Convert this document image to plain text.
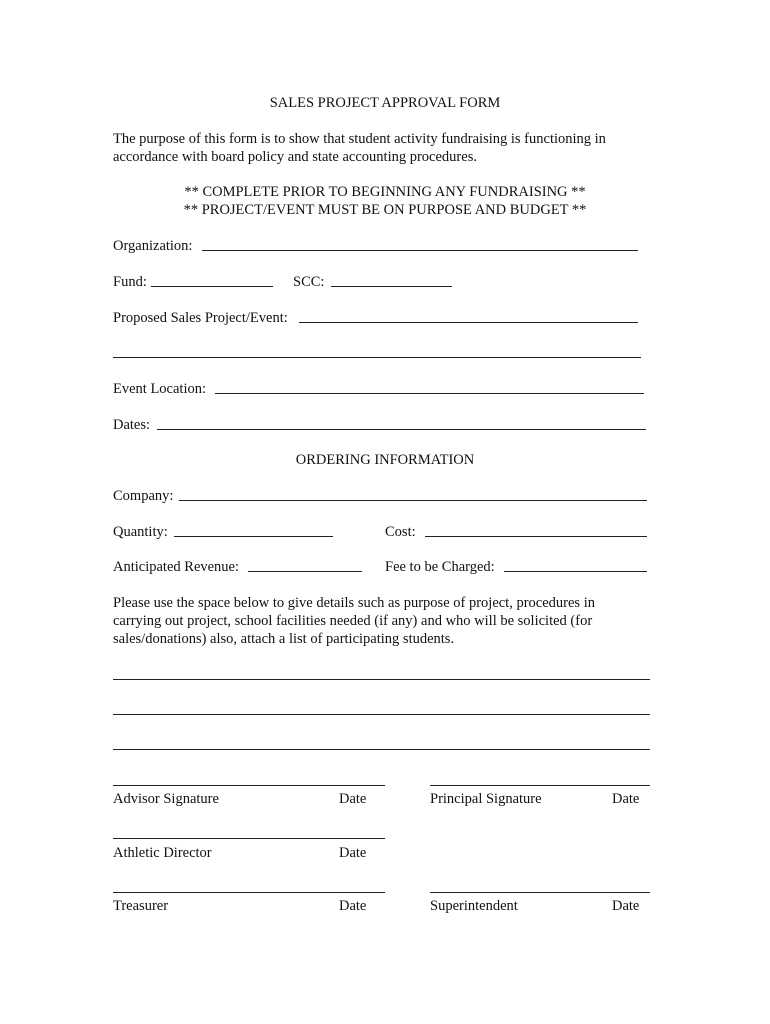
SALES PROJECT APPROVAL FORM
The purpose of this form is to show that student activity fundraising is functioning in accordance with board policy and state accounting procedures.
** COMPLETE PRIOR TO BEGINNING ANY FUNDRAISING **
** PROJECT/EVENT MUST BE ON PURPOSE AND BUDGET **
Organization:
Fund:	SCC:
Proposed Sales Project/Event:
Event Location:
Dates:
ORDERING INFORMATION
Company:
Quantity:	Cost:
Anticipated Revenue:	Fee to be Charged:
Please use the space below to give details such as purpose of project, procedures in carrying out project, school facilities needed (if any) and who will be solicited (for sales/donations) also, attach a list of participating students.
Advisor Signature	Date	Principal Signature	Date
Athletic Director	Date
Treasurer	Date	Superintendent	Date
